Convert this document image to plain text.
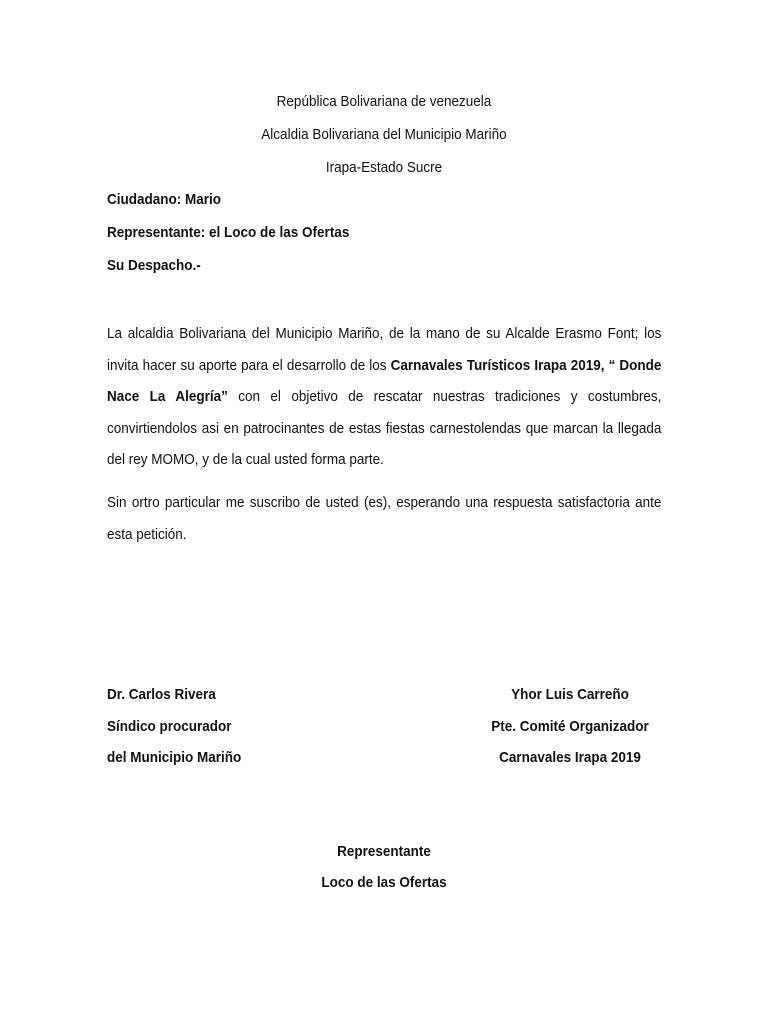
República Bolivariana de venezuela
Alcaldia Bolivariana del Municipio Mariño
Irapa-Estado Sucre
Ciudadano: Mario
Representante: el Loco de las Ofertas
Su Despacho.-

La alcaldia Bolivariana del Municipio Mariño, de la mano de su Alcalde Erasmo Font; los invita hacer su aporte para el desarrollo de los Carnavales Turísticos Irapa 2019, “ Donde Nace La Alegría” con el objetivo de rescatar nuestras tradiciones y costumbres, convirtiendolos asi en patrocinantes de estas fiestas carnestolendas que marcan la llegada del rey MOMO, y de la cual usted forma parte.

Sin ortro particular me suscribo de usted (es), esperando una respuesta satisfactoria ante esta petición.

Dr. Carlos Rivera
Síndico procurador
del Municipio Mariño
Yhor Luis Carreño
Pte. Comité Organizador
Carnavales Irapa 2019
Representante
Loco de las Ofertas
